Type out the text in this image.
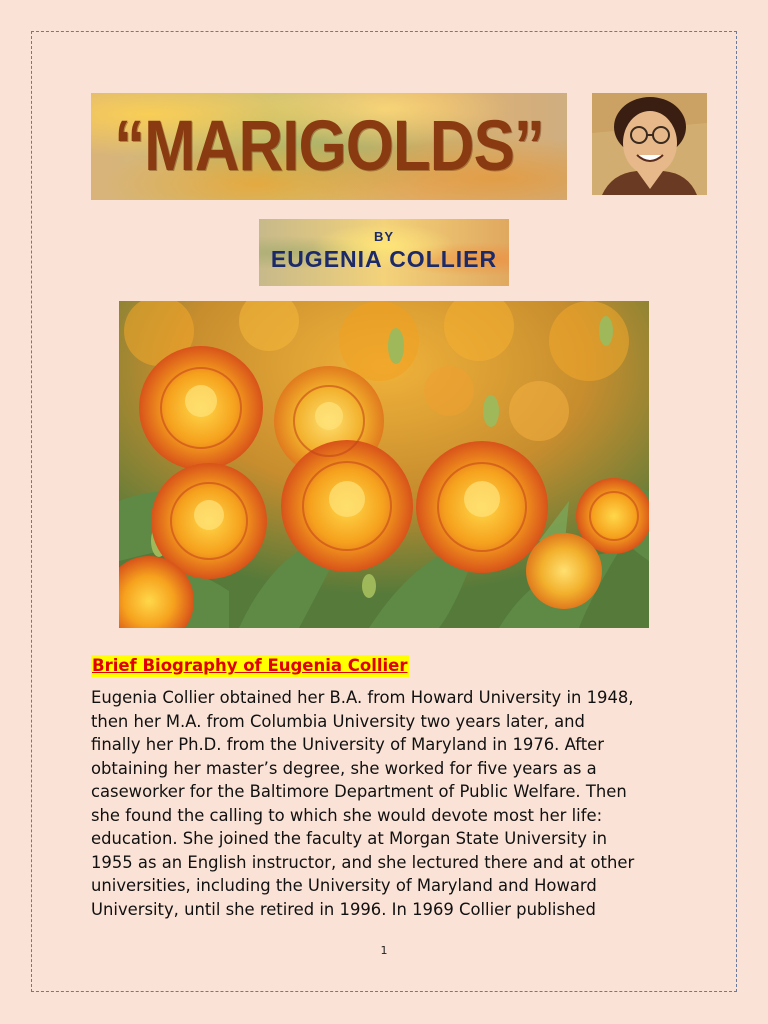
“MARIGOLDS”
BY
EUGENIA COLLIER
Brief Biography of Eugenia Collier
Eugenia Collier obtained her B.A. from Howard University in 1948,
then her M.A. from Columbia University two years later, and
finally her Ph.D. from the University of Maryland in 1976. After
obtaining her master’s degree, she worked for five years as a
caseworker for the Baltimore Department of Public Welfare. Then
she found the calling to which she would devote most her life:
education. She joined the faculty at Morgan State University in
1955 as an English instructor, and she lectured there and at other
universities, including the University of Maryland and Howard
University, until she retired in 1996. In 1969 Collier published
1
